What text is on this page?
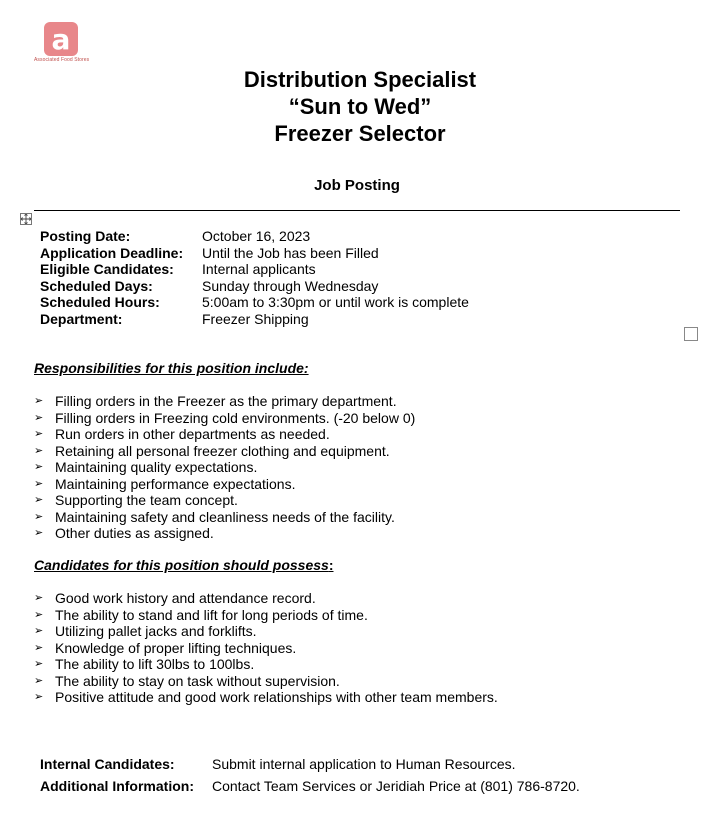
a
Associated Food Stores
Distribution Specialist
“Sun to Wed”
Freezer Selector
Job Posting
Posting Date:	October 16, 2023
Application Deadline: Until the Job has been Filled
Eligible Candidates: Internal applicants
Scheduled Days:	Sunday through Wednesday
Scheduled Hours:	5:00am to 3:30pm or until work is complete
Department:	Freezer Shipping
Responsibilities for this position include:
➢ Filling orders in the Freezer as the primary department.
➢ Filling orders in Freezing cold environments. (-20 below 0)
➢ Run orders in other departments as needed.
➢ Retaining all personal freezer clothing and equipment.
➢ Maintaining quality expectations.
➢ Maintaining performance expectations.
➢ Supporting the team concept.
➢ Maintaining safety and cleanliness needs of the facility.
➢ Other duties as assigned.
Candidates for this position should possess:
➢ Good work history and attendance record.
➢ The ability to stand and lift for long periods of time.
➢ Utilizing pallet jacks and forklifts.
➢ Knowledge of proper lifting techniques.
➢ The ability to lift 30lbs to 100lbs.
➢ The ability to stay on task without supervision.
➢ Positive attitude and good work relationships with other team members.
Internal Candidates:	Submit internal application to Human Resources.
Additional Information: Contact Team Services or Jeridiah Price at (801) 786-8720.
